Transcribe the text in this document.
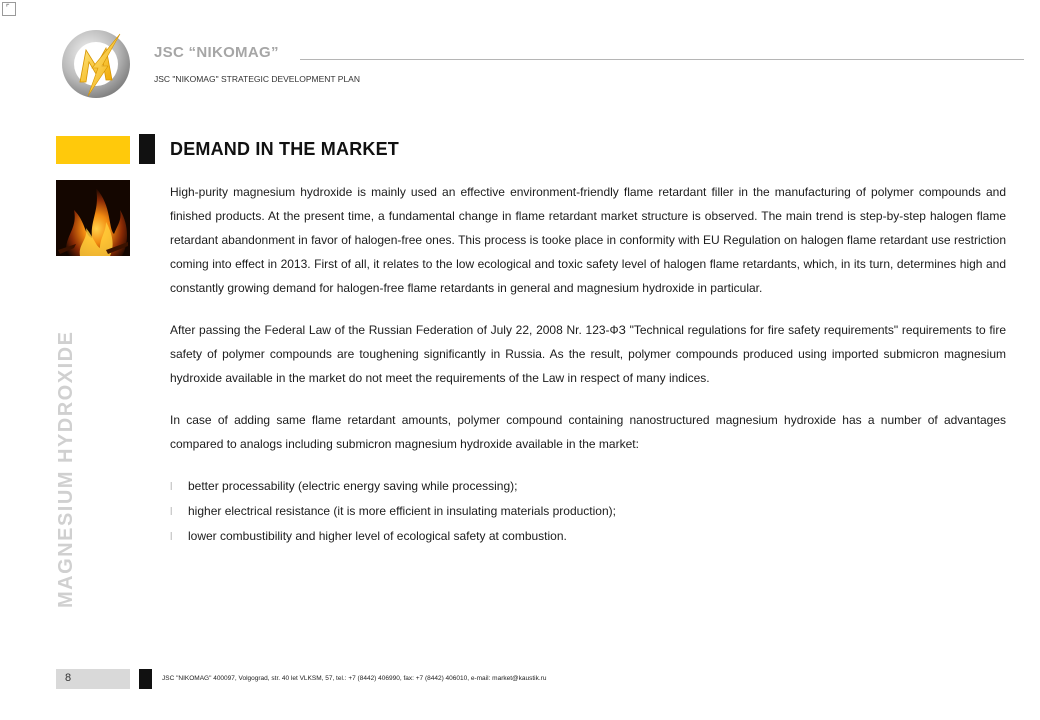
⌜
JSC “NIKOMAG”
JSC "NIKOMAG" STRATEGIC DEVELOPMENT PLAN
DEMAND IN THE MARKET
MAGNESIUM HYDROXIDE

High-purity magnesium hydroxide is mainly used an effective environment-friendly flame retardant filler in the manufacturing of polymer compounds and finished products. At the present time, a fundamental change in flame retardant market structure is observed. The main trend is step-by-step halogen flame retardant abandonment in favor of halogen-free ones. This process is tooke place in conformity with EU Regulation on halogen flame retardant use restriction coming into effect in 2013. First of all, it relates to the low ecological and toxic safety level of halogen flame retardants, which, in its turn, determines high and constantly growing demand for halogen-free flame retardants in general and magnesium hydroxide in particular.

After passing the Federal Law of the Russian Federation of July 22, 2008 Nr. 123-ФЗ "Technical regulations for fire safety requirements" requirements to fire safety of polymer compounds are toughening significantly in Russia. As the result, polymer compounds produced using imported submicron magnesium hydroxide available in the market do not meet the requirements of the Law in respect of many indices.

In case of adding same flame retardant amounts, polymer compound containing nanostructured magnesium hydroxide has a number of advantages compared to analogs including submicron magnesium hydroxide available in the market:

l better processability (electric energy saving while processing);
l higher electrical resistance (it is more efficient in insulating materials production);
l lower combustibility and higher level of ecological safety at combustion.
8	JSC "NIKOMAG" 400097, Volgograd, str. 40 let VLKSM, 57, tel.: +7 (8442) 406990, fax: +7 (8442) 406010, e-mail: market@kaustik.ru
